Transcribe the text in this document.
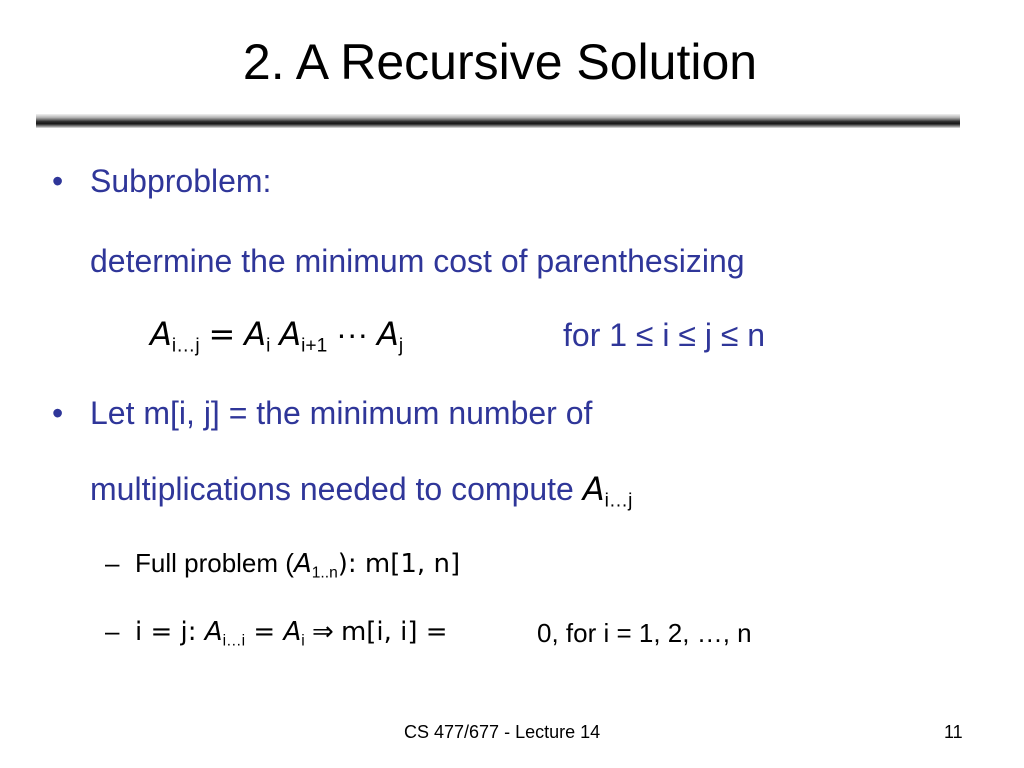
2. A Recursive Solution
• Subproblem:
determine the minimum cost of parenthesizing
$A_{i\dots j} = A_i$ $A_{i+1}$ ··· $A_j$	for 1 ≤ i ≤ j ≤ n
• Let m[i, j] = the minimum number of
multiplications needed to compute $A_{i\dots j}$
– Full problem $(A_{1..n})$: m[1, n]
– i = j: $A_{i\dots i} = A_i$ ⇒ m[i, i] =	0, for i = 1, 2, …, n
CS 477/677 - Lecture 14	11
